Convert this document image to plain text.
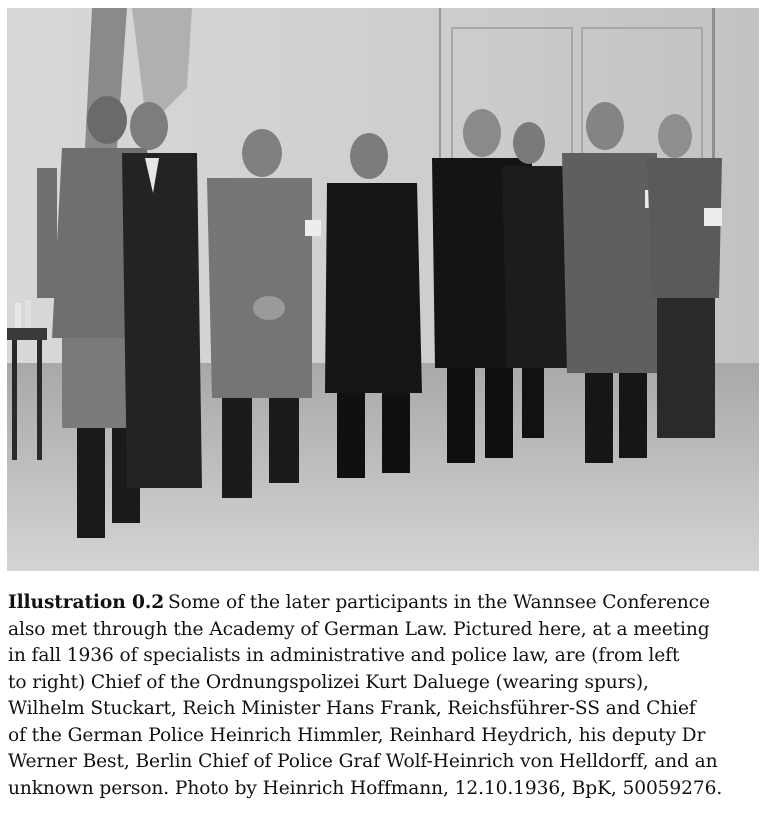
Illustration 0.2 Some of the later participants in the Wannsee Conference
also met through the Academy of German Law. Pictured here, at a meeting
in fall 1936 of specialists in administrative and police law, are (from left
to right) Chief of the Ordnungspolizei Kurt Daluege (wearing spurs),
Wilhelm Stuckart, Reich Minister Hans Frank, Reichsführer-SS and Chief
of the German Police Heinrich Himmler, Reinhard Heydrich, his deputy Dr
Werner Best, Berlin Chief of Police Graf Wolf-Heinrich von Helldorff, and an
unknown person. Photo by Heinrich Hoffmann, 12.10.1936, BpK, 50059276.
